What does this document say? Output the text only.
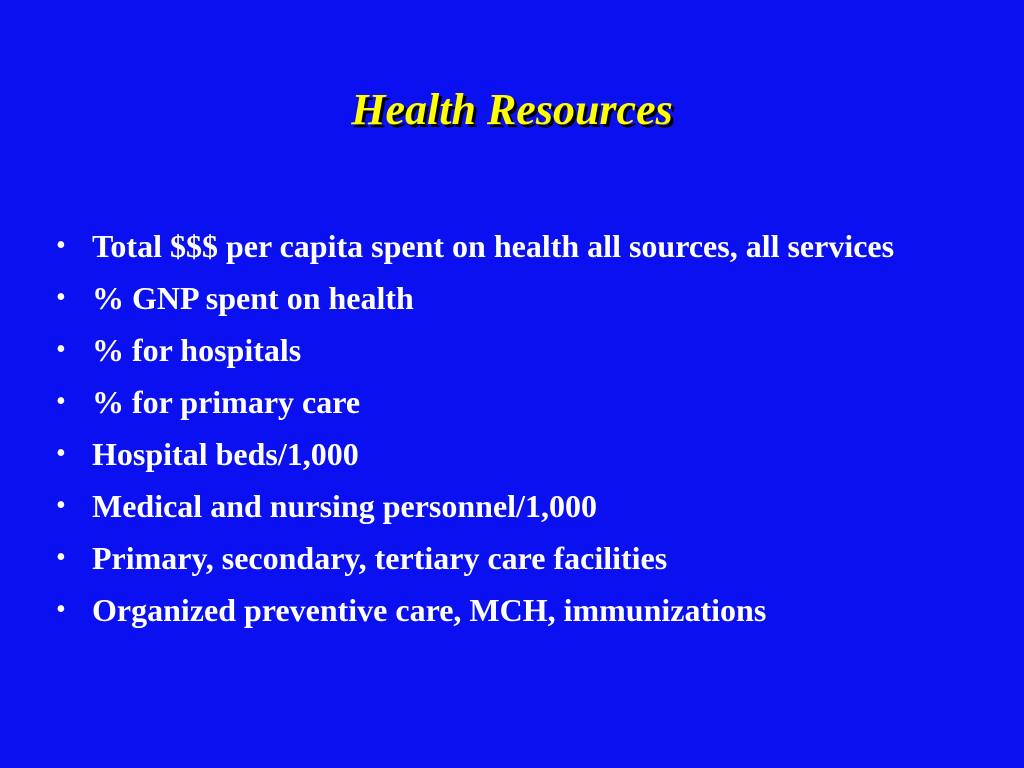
Health Resources
• Total $$$ per capita spent on health all sources, all services
• % GNP spent on health
• % for hospitals
• % for primary care
• Hospital beds/1,000
• Medical and nursing personnel/1,000
• Primary, secondary, tertiary care facilities
• Organized preventive care, MCH, immunizations
